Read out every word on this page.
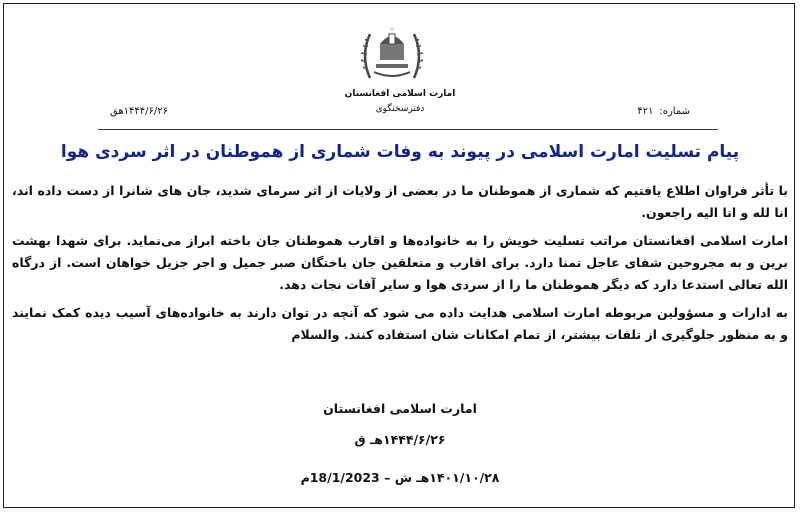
۞
امارت اسلامی افغانستان
دفترسخنگوی	شماره:۴۲۱
۱۴۴۴/۶/۲۶هق
پیام تسلیت امارت اسلامی در پیوند به وفات شماری از هموطنان در اثر سردی هوا

با تأثر فراوان اطلاع یافتیم که شماری از هموطنان ما در بعضی از ولایات از اثر سرمای شدید، جان های شانرا از دست داده اند، انا لله و انا الیه راجعون.

امارت اسلامی افغانستان مراتب تسلیت خویش را به خانواده‌ها و اقارب هموطنان جان باخته ابراز می‌نماید. برای شهدا بهشت برین و به مجروحین شفای عاجل تمنا دارد. برای اقارب و متعلقین جان باختگان صبر جمیل و اجر جزیل خواهان است. از درگاه الله تعالی استدعا دارد که دیگر هموطنان ما را از سردی هوا و سایر آفات نجات دهد.

به ادارات و مسؤولین مربوطه امارت اسلامی هدایت داده می شود که آنچه در توان دارند به خانواده‌های آسیب دیده کمک نمایند و به منظور جلوگیری از تلفات بیشتر، از تمام امکانات شان استفاده کنند. والسلام

امارت اسلامی افغانستان
۱۴۴۴/۶/۲۶هـ ق
۱۴۰۱/۱۰/۲۸هـ ش – 18/1/2023م
